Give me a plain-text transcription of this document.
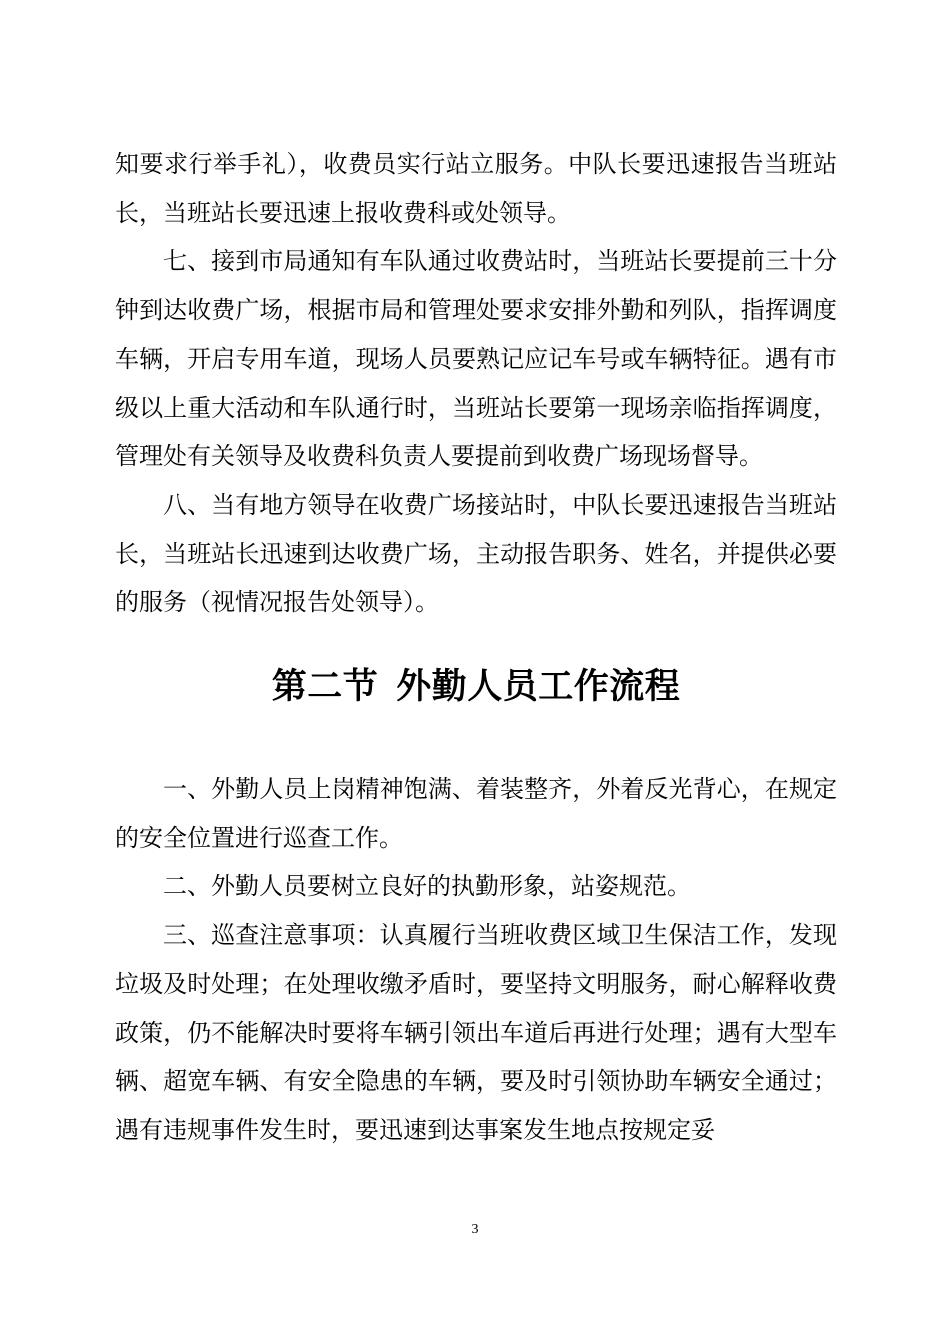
知要求行举手礼），收费员实行站立服务。中队长要迅速报告当班站长，当班站长要迅速上报收费科或处领导。

七、接到市局通知有车队通过收费站时，当班站长要提前三十分钟到达收费广场，根据市局和管理处要求安排外勤和列队，指挥调度车辆，开启专用车道，现场人员要熟记应记车号或车辆特征。遇有市级以上重大活动和车队通行时，当班站长要第一现场亲临指挥调度，管理处有关领导及收费科负责人要提前到收费广场现场督导。

八、当有地方领导在收费广场接站时，中队长要迅速报告当班站长，当班站长迅速到达收费广场，主动报告职务、姓名，并提供必要的服务（视情况报告处领导）。

第二节 外勤人员工作流程

一、外勤人员上岗精神饱满、着装整齐，外着反光背心，在规定的安全位置进行巡查工作。

二、外勤人员要树立良好的执勤形象，站姿规范。

三、巡查注意事项：认真履行当班收费区域卫生保洁工作，发现垃圾及时处理；在处理收缴矛盾时，要坚持文明服务，耐心解释收费政策，仍不能解决时要将车辆引领出车道后再进行处理；遇有大型车辆、超宽车辆、有安全隐患的车辆，要及时引领协助车辆安全通过；遇有违规事件发生时，要迅速到达事案发生地点按规定妥

3
